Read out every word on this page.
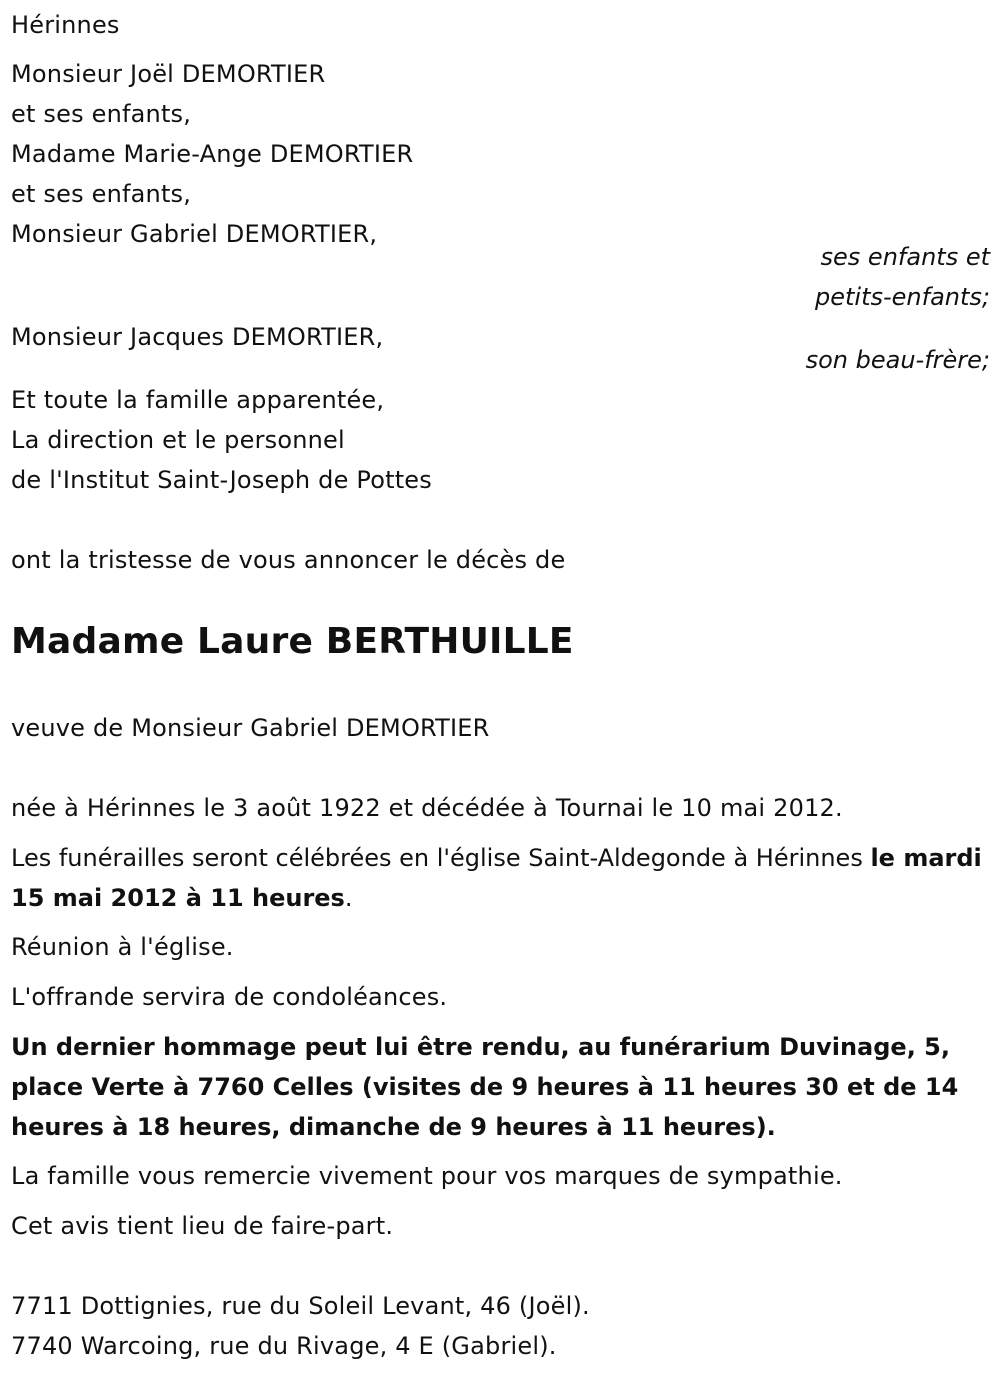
Hérinnes
Monsieur Joël DEMORTIER
et ses enfants,
Madame Marie-Ange DEMORTIER
et ses enfants,
Monsieur Gabriel DEMORTIER,
ses enfants et
petits-enfants;
Monsieur Jacques DEMORTIER,
son beau-frère;
Et toute la famille apparentée,
La direction et le personnel
de l'Institut Saint-Joseph de Pottes
ont la tristesse de vous annoncer le décès de
Madame Laure BERTHUILLE
veuve de Monsieur Gabriel DEMORTIER
née à Hérinnes le 3 août 1922 et décédée à Tournai le 10 mai 2012.
Les funérailles seront célébrées en l'église Saint-Aldegonde à Hérinnes le mardi 15 mai 2012 à 11 heures.
Réunion à l'église.
L'offrande servira de condoléances.
Un dernier hommage peut lui être rendu, au funérarium Duvinage, 5, place Verte à 7760 Celles (visites de 9 heures à 11 heures 30 et de 14 heures à 18 heures, dimanche de 9 heures à 11 heures).
La famille vous remercie vivement pour vos marques de sympathie.
Cet avis tient lieu de faire-part.
7711 Dottignies, rue du Soleil Levant, 46 (Joël).
7740 Warcoing, rue du Rivage, 4 E (Gabriel).
